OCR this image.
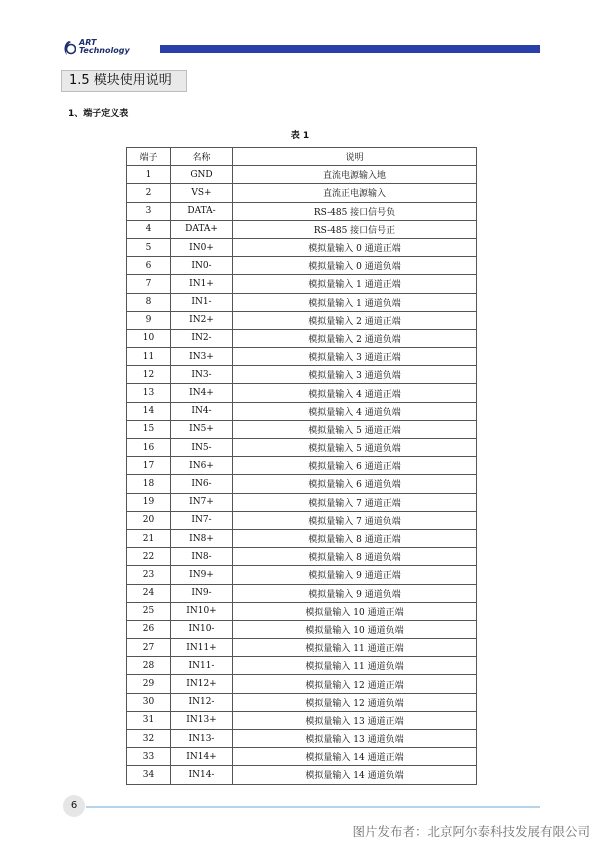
ART
Technology
1.5 模块使用说明
1、端子定义表
表 1
端子	名称	说明
1	GND	直流电源输入地
2	VS+	直流正电源输入
3	DATA-	RS-485 接口信号负
4	DATA+	RS-485 接口信号正
5	IN0+	模拟量输入 0 通道正端
6	IN0-	模拟量输入 0 通道负端
7	IN1+	模拟量输入 1 通道正端
8	IN1-	模拟量输入 1 通道负端
9	IN2+	模拟量输入 2 通道正端
10	IN2-	模拟量输入 2 通道负端
11	IN3+	模拟量输入 3 通道正端
12	IN3-	模拟量输入 3 通道负端
13	IN4+	模拟量输入 4 通道正端
14	IN4-	模拟量输入 4 通道负端
15	IN5+	模拟量输入 5 通道正端
16	IN5-	模拟量输入 5 通道负端
17	IN6+	模拟量输入 6 通道正端
18	IN6-	模拟量输入 6 通道负端
19	IN7+	模拟量输入 7 通道正端
20	IN7-	模拟量输入 7 通道负端
21	IN8+	模拟量输入 8 通道正端
22	IN8-	模拟量输入 8 通道负端
23	IN9+	模拟量输入 9 通道正端
24	IN9-	模拟量输入 9 通道负端
25	IN10+	模拟量输入 10 通道正端
26	IN10-	模拟量输入 10 通道负端
27	IN11+	模拟量输入 11 通道正端
28	IN11-	模拟量输入 11 通道负端
29	IN12+	模拟量输入 12 通道正端
30	IN12-	模拟量输入 12 通道负端
31	IN13+	模拟量输入 13 通道正端
32	IN13-	模拟量输入 13 通道负端
33	IN14+	模拟量输入 14 通道正端
34	IN14-	模拟量输入 14 通道负端
6
图片发布者：北京阿尔泰科技发展有限公司
